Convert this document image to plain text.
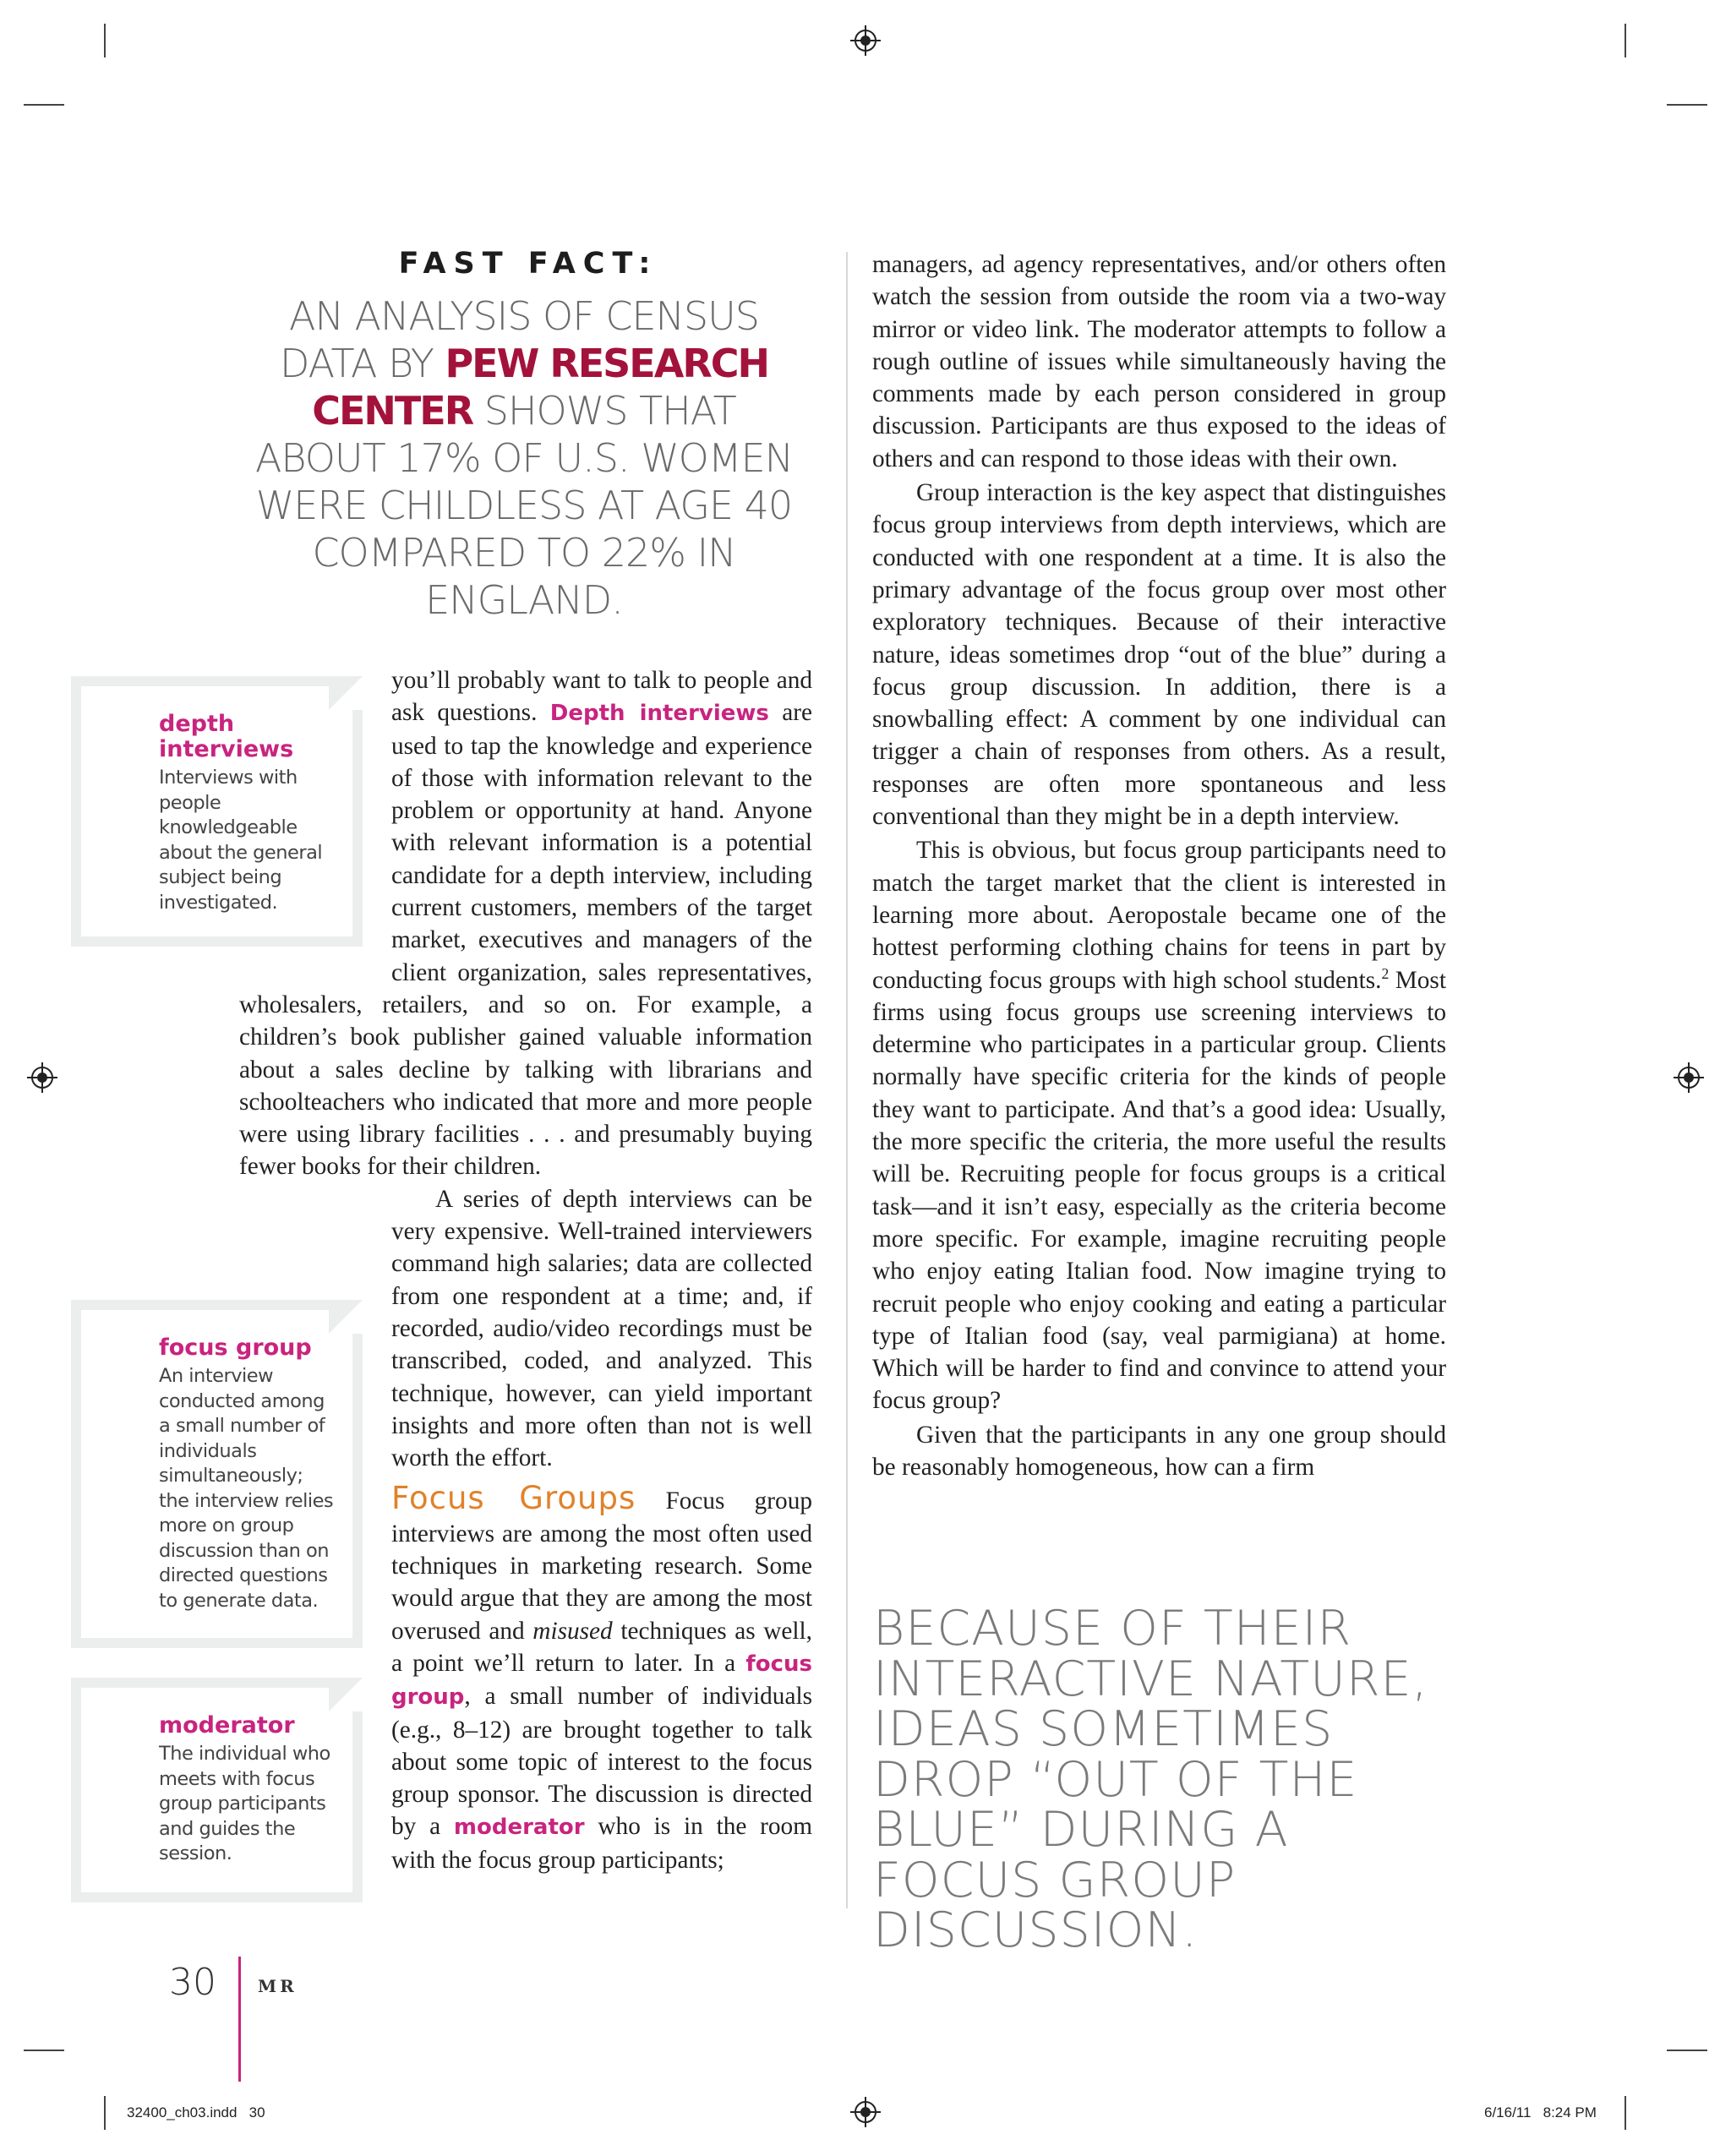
FAST FACT:
AN ANALYSIS OF CENSUS DATA BY PEW RESEARCH CENTER SHOWS THAT ABOUT 17% OF U.S. WOMEN WERE CHILDLESS AT AGE 40 COMPARED TO 22% IN ENGLAND.

you’ll probably want to talk to people and ask questions. Depth interviews are used to tap the knowledge and experience of those with information relevant to the problem or opportunity at hand. Anyone with relevant information is a potential candidate for a depth interview, including current customers, members of the target market, executives and managers of the client organization, sales representatives, wholesalers, retailers, and so on. For example, a children’s book publisher gained valuable information about a sales decline by talking with librarians and schoolteachers who indicated that more and more people were using library facilities . . . and presumably buying fewer books for their children.

A series of depth interviews can be very expensive. Well-trained interviewers command high salaries; data are collected from one respondent at a time; and, if recorded, audio/video recordings must be transcribed, coded, and analyzed. This technique, however, can yield important insights and more often than not is well worth the effort.

Focus Groups Focus group interviews are among the most often used techniques in marketing research. Some would argue that they are among the most overused and misused techniques as well, a point we’ll return to later. In a focus group, a small number of individuals (e.g., 8–12) are brought together to talk about some topic of interest to the focus group sponsor. The discussion is directed by a moderator who is in the room with the focus group participants;

depth interviews
Interviews with people knowledgeable about the general subject being investigated.
focus group
An interview conducted among a small number of individuals simultaneously; the interview relies more on group discussion than on directed questions to generate data.
moderator
The individual who meets with focus group participants and guides the session.

managers, ad agency representatives, and/or others often watch the session from outside the room via a two-way mirror or video link. The moderator attempts to follow a rough outline of issues while simultaneously having the comments made by each person considered in group discussion. Participants are thus exposed to the ideas of others and can respond to those ideas with their own.

Group interaction is the key aspect that distinguishes focus group interviews from depth interviews, which are conducted with one respondent at a time. It is also the primary advantage of the focus group over most other exploratory techniques. Because of their interactive nature, ideas sometimes drop “out of the blue” during a focus group discussion. In addition, there is a snowballing effect: A comment by one individual can trigger a chain of responses from others. As a result, responses are often more spontaneous and less conventional than they might be in a depth interview.

This is obvious, but focus group participants need to match the target market that the client is interested in learning more about. Aeropostale became one of the hottest performing clothing chains for teens in part by conducting focus groups with high school students.$^2$ Most firms using focus groups use screening interviews to determine who participates in a particular group. Clients normally have specific criteria for the kinds of people they want to participate. And that’s a good idea: Usually, the more specific the criteria, the more useful the results will be. Recruiting people for focus groups is a critical task—and it isn’t easy, especially as the criteria become more specific. For example, imagine recruiting people who enjoy eating Italian food. Now imagine trying to recruit people who enjoy cooking and eating a particular type of Italian food (say, veal parmigiana) at home. Which will be harder to find and convince to attend your focus group?

Given that the participants in any one group should be reasonably homogeneous, how can a firm

BECAUSE OF THEIR INTERACTIVE NATURE, IDEAS SOMETIMES DROP “OUT OF THE BLUE” DURING A FOCUS GROUP DISCUSSION.
30 MR
32400_ch03.indd   30	6/16/11   8:24 PM
